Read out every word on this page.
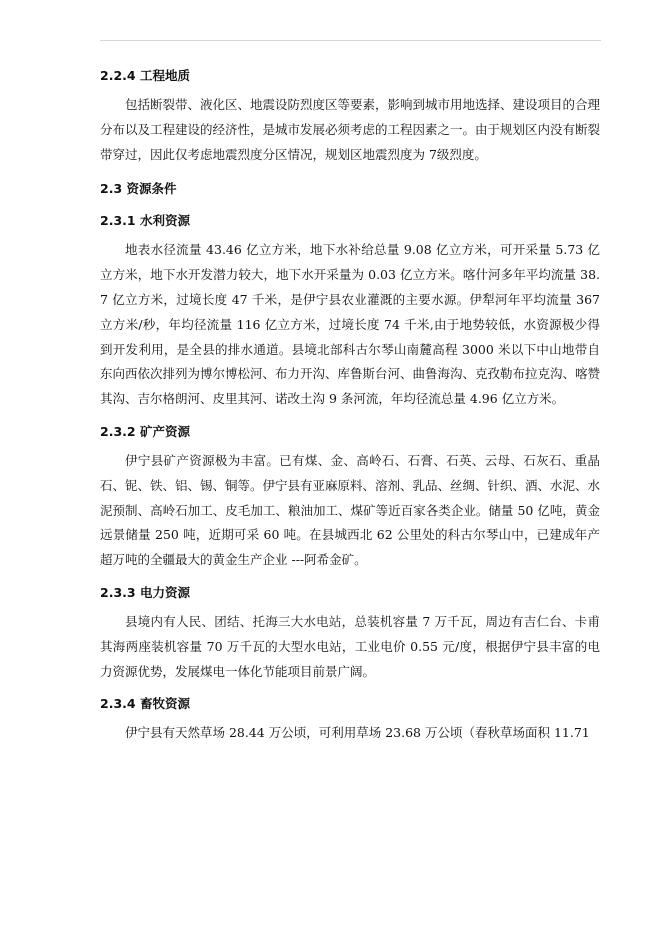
2.2.4 工程地质

包括断裂带、液化区、地震设防烈度区等要素，影响到城市用地选择、建设项目的合理分布以及工程建设的经济性，是城市发展必须考虑的工程因素之一。由于规划区内没有断裂带穿过，因此仅考虑地震烈度分区情况，规划区地震烈度为 7级烈度。

2.3 资源条件
2.3.1 水利资源

地表水径流量 43.46 亿立方米，地下水补给总量 9.08 亿立方米，可开采量 5.73 亿立方米，地下水开发潜力较大，地下水开采量为 0.03 亿立方米。喀什河多年平均流量 38.7 亿立方米，过境长度 47 千米，是伊宁县农业灌溉的主要水源。伊犁河年平均流量 367 立方米/秒，年均径流量 116 亿立方米，过境长度 74 千米,由于地势较低，水资源极少得到开发利用，是全县的排水通道。县境北部科古尔琴山南麓高程 3000 米以下中山地带自东向西依次排列为博尔博松河、布力开沟、库鲁斯台河、曲鲁海沟、克孜勒布拉克沟、喀赞其沟、吉尔格朗河、皮里其河、诺改土沟 9 条河流，年均径流总量 4.96 亿立方米。

2.3.2 矿产资源

伊宁县矿产资源极为丰富。已有煤、金、高岭石、石膏、石英、云母、石灰石、重晶石、铌、铁、铝、锡、铜等。伊宁县有亚麻原料、溶剂、乳品、丝绸、针织、酒、水泥、水泥预制、高岭石加工、皮毛加工、粮油加工、煤矿等近百家各类企业。储量 50 亿吨，黄金远景储量 250 吨，近期可采 60 吨。在县城西北 62 公里处的科古尔琴山中，已建成年产超万吨的全疆最大的黄金生产企业 ---阿希金矿。

2.3.3 电力资源

县境内有人民、团结、托海三大水电站，总装机容量 7 万千瓦，周边有吉仁台、卡甫其海两座装机容量 70 万千瓦的大型水电站，工业电价 0.55 元/度，根据伊宁县丰富的电力资源优势，发展煤电一体化节能项目前景广阔。

2.3.4 畜牧资源

伊宁县有天然草场 28.44 万公顷，可利用草场 23.68 万公顷（春秋草场面积 11.71
